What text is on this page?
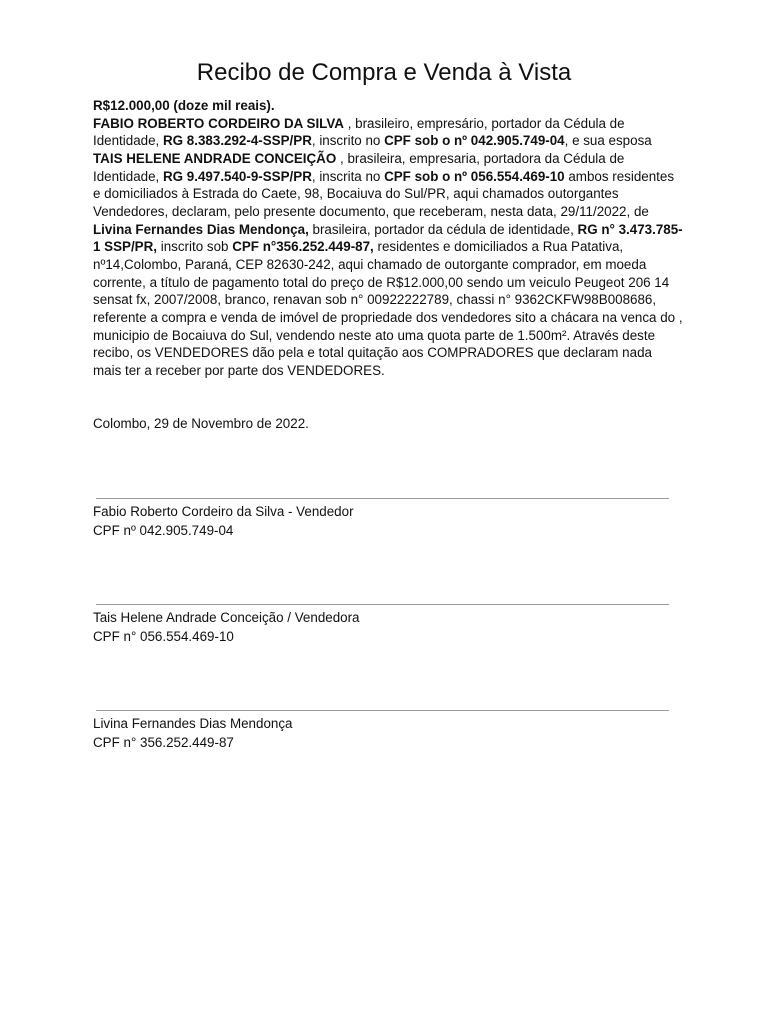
Recibo de Compra e Venda à Vista

R$12.000,00 (doze mil reais).

FABIO ROBERTO CORDEIRO DA SILVA , brasileiro, empresário, portador da Cédula de Identidade, RG 8.383.292-4-SSP/PR, inscrito no CPF sob o nº 042.905.749-04, e sua esposa TAIS HELENE ANDRADE CONCEIÇÃO , brasileira, empresaria, portadora da Cédula de Identidade, RG 9.497.540-9-SSP/PR, inscrita no CPF sob o nº 056.554.469-10 ambos residentes e domiciliados à Estrada do Caete, 98, Bocaiuva do Sul/PR, aqui chamados outorgantes Vendedores, declaram, pelo presente documento, que receberam, nesta data, 29/11/2022, de Livina Fernandes Dias Mendonça, brasileira, portador da cédula de identidade, RG n° 3.473.785-1 SSP/PR, inscrito sob CPF n°356.252.449-87, residentes e domiciliados a Rua Patativa, nº14,Colombo, Paraná, CEP 82630-242, aqui chamado de outorgante comprador, em moeda corrente, a título de pagamento total do preço de R$12.000,00 sendo um veiculo Peugeot 206 14 sensat fx, 2007/2008, branco, renavan sob n° 00922222789, chassi n° 9362CKFW98B008686, referente a compra e venda de imóvel de propriedade dos vendedores sito a chácara na venca do , municipio de Bocaiuva do Sul, vendendo neste ato uma quota parte de 1.500m². Através deste recibo, os VENDEDORES dão pela e total quitação aos COMPRADORES que declaram nada mais ter a receber por parte dos VENDEDORES.

Colombo, 29 de Novembro de 2022.
Fabio Roberto Cordeiro da Silva - Vendedor
CPF nº 042.905.749-04
Tais Helene Andrade Conceição / Vendedora
CPF n° 056.554.469-10
Livina Fernandes Dias Mendonça
CPF n° 356.252.449-87
